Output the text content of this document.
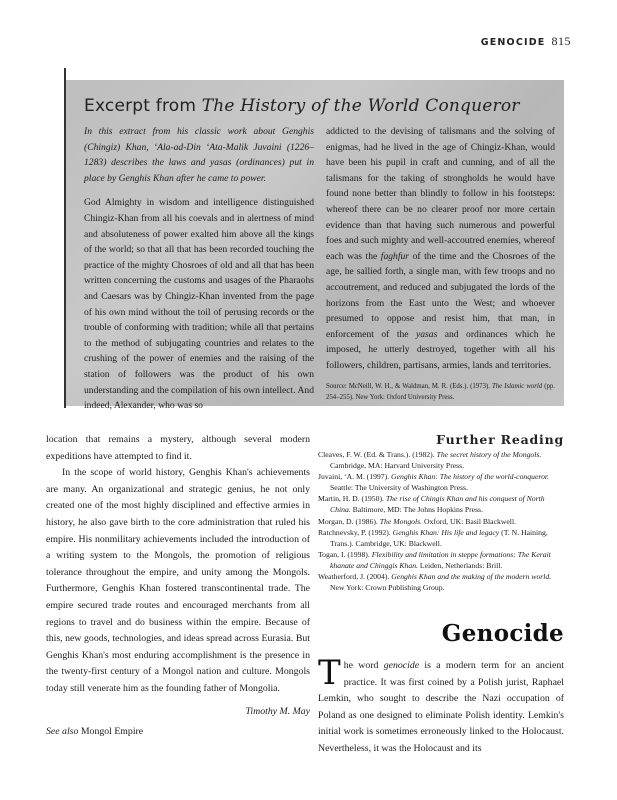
GENOCIDE 815
Excerpt from The History of the World Conqueror

In this extract from his classic work about Genghis (Chingiz) Khan, ‘Ala-ad-Din ‘Ata-Malik Juvaini (1226–1283) describes the laws and yasas (ordinances) put in place by Genghis Khan after he came to power.

God Almighty in wisdom and intelligence distinguished Chingiz-Khan from all his coevals and in alertness of mind and absoluteness of power exalted him above all the kings of the world; so that all that has been recorded touching the practice of the mighty Chosroes of old and all that has been written concerning the customs and usages of the Pharaohs and Caesars was by Chingiz-Khan invented from the page of his own mind without the toil of perusing records or the trouble of conforming with tradition; while all that pertains to the method of subjugating countries and relates to the crushing of the power of enemies and the raising of the station of followers was the product of his own understanding and the compilation of his own intellect. And indeed, Alexander, who was so

addicted to the devising of talismans and the solving of enigmas, had he lived in the age of Chingiz-Khan, would have been his pupil in craft and cunning, and of all the talismans for the taking of strongholds he would have found none better than blindly to follow in his footsteps: whereof there can be no clearer proof nor more certain evidence than that having such numerous and powerful foes and such mighty and well-accoutred enemies, whereof each was the faghfur of the time and the Chosroes of the age, he sallied forth, a single man, with few troops and no accoutrement, and reduced and subjugated the lords of the horizons from the East unto the West; and whoever presumed to oppose and resist him, that man, in enforcement of the yasas and ordinances which he imposed, he utterly destroyed, together with all his followers, children, partisans, armies, lands and territories.

Source: McNeill, W. H., & Waldman, M. R. (Eds.). (1973). The Islamic world (pp. 254–255). New York: Oxford University Press.

location that remains a mystery, although several modern expeditions have attempted to find it.

In the scope of world history, Genghis Khan's achievements are many. An organizational and strategic genius, he not only created one of the most highly disciplined and effective armies in history, he also gave birth to the core administration that ruled his empire. His nonmilitary achievements included the introduction of a writing system to the Mongols, the promotion of religious tolerance throughout the empire, and unity among the Mongols. Furthermore, Genghis Khan fostered transcontinental trade. The empire secured trade routes and encouraged merchants from all regions to travel and do business within the empire. Because of this, new goods, technologies, and ideas spread across Eurasia. But Genghis Khan's most enduring accomplishment is the presence in the twenty-first century of a Mongol nation and culture. Mongols today still venerate him as the founding father of Mongolia.

Timothy M. May

See also Mongol Empire

Further Reading

Cleaves, F. W. (Ed. & Trans.). (1982). The secret history of the Mongols. Cambridge, MA: Harvard University Press.

Juvaini, ‘A. M. (1997). Genghis Khan: The history of the world-conqueror. Seattle: The University of Washington Press.

Martin, H. D. (1950). The rise of Chingis Khan and his conquest of North China. Baltimore, MD: The Johns Hopkins Press.

Morgan, D. (1986). The Mongols. Oxford, UK: Basil Blackwell.

Ratchnevsky, P. (1992). Genghis Khan: His life and legacy (T. N. Haining, Trans.). Cambridge, UK: Blackwell.

Togan, I. (1998). Flexibility and limitation in steppe formations: The Kerait khanate and Chinggis Khan. Leiden, Netherlands: Brill.

Weatherford, J. (2004). Genghis Khan and the making of the modern world. New York: Crown Publishing Group.

Genocide

The word genocide is a modern term for an ancient practice. It was first coined by a Polish jurist, Raphael Lemkin, who sought to describe the Nazi occupation of Poland as one designed to eliminate Polish identity. Lemkin's initial work is sometimes erroneously linked to the Holocaust. Nevertheless, it was the Holocaust and its
